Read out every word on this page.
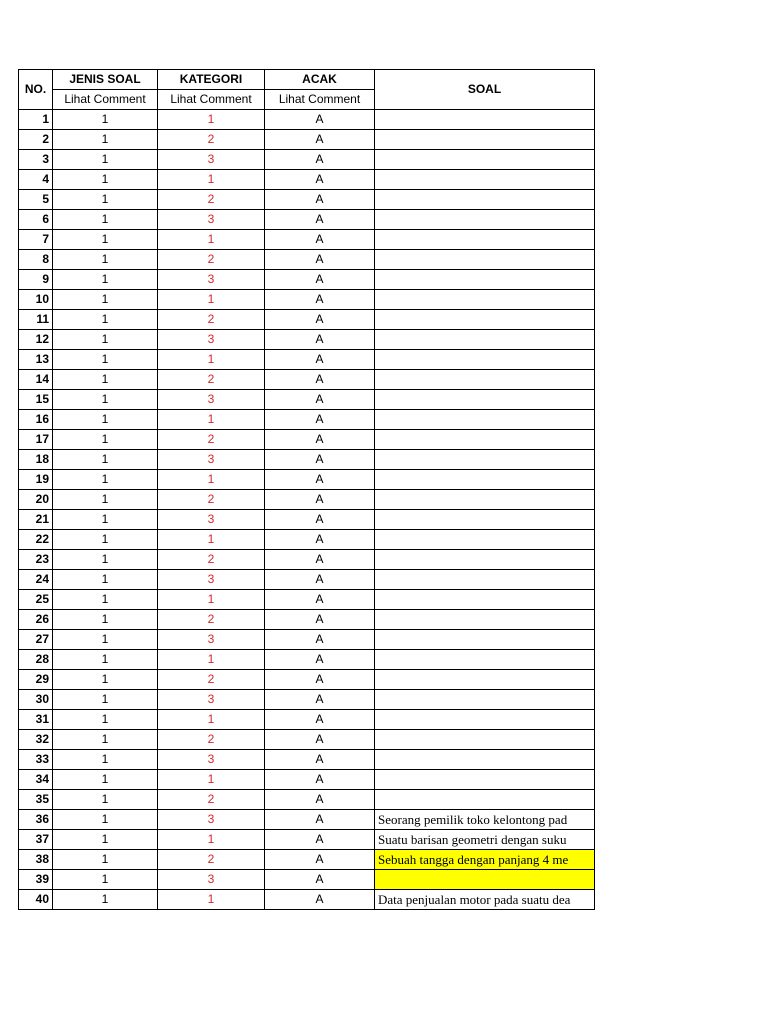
NO.	JENIS SOAL	KATEGORI	ACAK	SOAL
	Lihat Comment	Lihat Comment	Lihat Comment	
1	1	1	A	
2	1	2	A	
3	1	3	A	
4	1	1	A	
5	1	2	A	
6	1	3	A	
7	1	1	A	
8	1	2	A	
9	1	3	A	
10	1	1	A	
11	1	2	A	
12	1	3	A	
13	1	1	A	
14	1	2	A	
15	1	3	A	
16	1	1	A	
17	1	2	A	
18	1	3	A	
19	1	1	A	
20	1	2	A	
21	1	3	A	
22	1	1	A	
23	1	2	A	
24	1	3	A	
25	1	1	A	
26	1	2	A	
27	1	3	A	
28	1	1	A	
29	1	2	A	
30	1	3	A	
31	1	1	A	
32	1	2	A	
33	1	3	A	
34	1	1	A	
35	1	2	A	
36	1	3	A	Seorang pemilik toko kelontong pad
37	1	1	A	Suatu barisan geometri dengan suku
38	1	2	A	Sebuah tangga dengan panjang 4 me
39	1	3	A	
40	1	1	A	Data penjualan motor pada suatu dea
